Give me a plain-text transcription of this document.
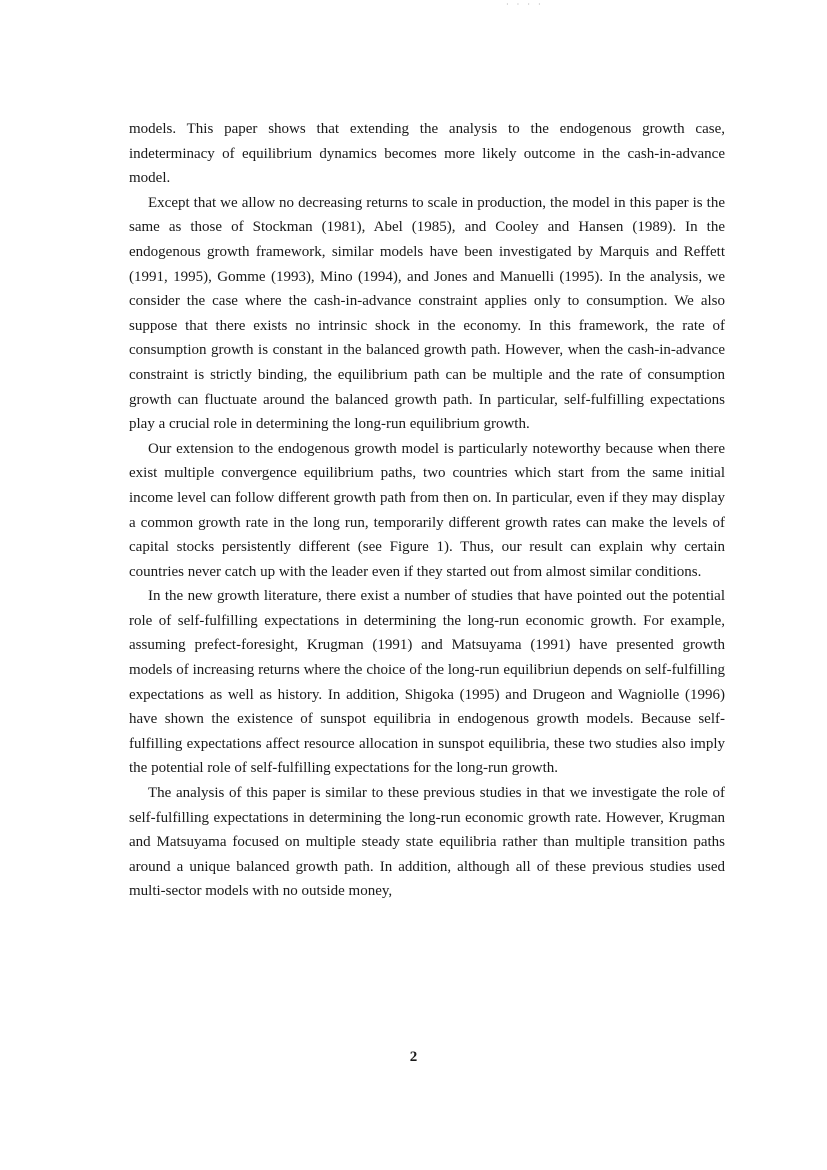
· · · ·

models. This paper shows that extending the analysis to the endogenous growth case, indeterminacy of equilibrium dynamics becomes more likely outcome in the cash-in-advance model.

Except that we allow no decreasing returns to scale in production, the model in this paper is the same as those of Stockman (1981), Abel (1985), and Cooley and Hansen (1989). In the endogenous growth framework, similar models have been investigated by Marquis and Reffett (1991, 1995), Gomme (1993), Mino (1994), and Jones and Manuelli (1995). In the analysis, we consider the case where the cash-in-advance constraint applies only to consumption. We also suppose that there exists no intrinsic shock in the economy. In this framework, the rate of consumption growth is constant in the balanced growth path. However, when the cash-in-advance constraint is strictly binding, the equilibrium path can be multiple and the rate of consumption growth can fluctuate around the balanced growth path. In particular, self-fulfilling expectations play a crucial role in determining the long-run equilibrium growth.

Our extension to the endogenous growth model is particularly noteworthy because when there exist multiple convergence equilibrium paths, two countries which start from the same initial income level can follow different growth path from then on. In particular, even if they may display a common growth rate in the long run, temporarily different growth rates can make the levels of capital stocks persistently different (see Figure 1). Thus, our result can explain why certain countries never catch up with the leader even if they started out from almost similar conditions.

In the new growth literature, there exist a number of studies that have pointed out the potential role of self-fulfilling expectations in determining the long-run economic growth. For example, assuming prefect-foresight, Krugman (1991) and Matsuyama (1991) have presented growth models of increasing returns where the choice of the long-run equilibriun depends on self-fulfilling expectations as well as history. In addition, Shigoka (1995) and Drugeon and Wagniolle (1996) have shown the existence of sunspot equilibria in endogenous growth models. Because self-fulfilling expectations affect resource allocation in sunspot equilibria, these two studies also imply the potential role of self-fulfilling expectations for the long-run growth.

The analysis of this paper is similar to these previous studies in that we investigate the role of self-fulfilling expectations in determining the long-run economic growth rate. However, Krugman and Matsuyama focused on multiple steady state equilibria rather than multiple transition paths around a unique balanced growth path. In addition, although all of these previous studies used multi-sector models with no outside money,

2
